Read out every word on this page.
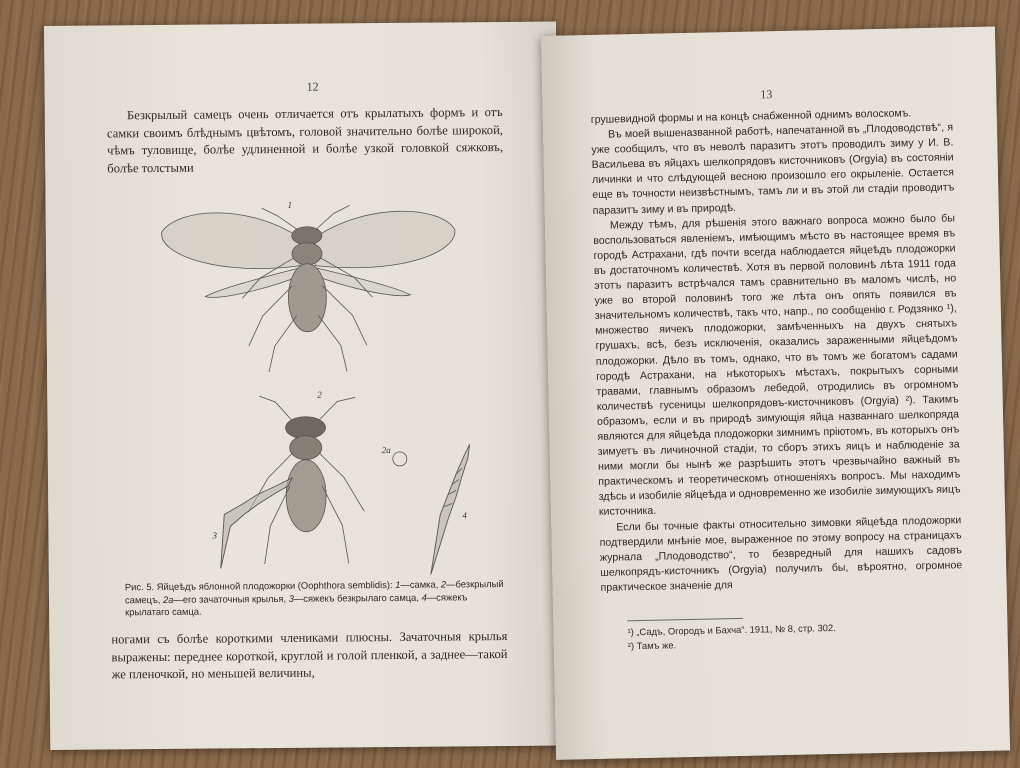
12

Безкрылый самецъ очень отличается отъ крылатыхъ формъ и отъ самки своимъ блѣднымъ цвѣтомъ, головой значительно болѣе широкой, чѣмъ туловище, болѣе удлиненной и болѣе узкой головкой сяжковъ, болѣе толстыми

1
2
2a
3
4
Рис. 5. Яйцеѣдъ яблонной плодожорки (Oophthora semblidis): 1—самка, 2—безкрылый самецъ, 2a—его зачаточныя крылья, 3—сяжекъ безкрылаго самца, 4—сяжекъ крылатаго самца.

ногами съ болѣе короткими члениками плюсны. Зачаточныя крылья выражены: переднее короткой, круглой и голой пленкой, а заднее—такой же пленочкой, но меньшей величины,

13

грушевидной формы и на концѣ снабженной однимъ волоскомъ.

Въ моей вышеназванной работѣ, напечатанной въ „Плодоводствѣ“, я уже сообщилъ, что въ неволѣ паразитъ этотъ проводилъ зиму у И. В. Васильева въ яйцахъ шелкопрядовъ кисточниковъ (Orgyia) въ состояніи личинки и что слѣдующей весною произошло его окрыленіе. Остается еще въ точности неизвѣстнымъ, тамъ ли и въ этой ли стадіи проводитъ паразитъ зиму и въ природѣ.

Между тѣмъ, для рѣшенія этого важнаго вопроса можно было бы воспользоваться явленіемъ, имѣющимъ мѣсто въ настоящее время въ городѣ Астрахани, гдѣ почти всегда наблюдается яйцеѣдъ плодожорки въ достаточномъ количествѣ. Хотя въ первой половинѣ лѣта 1911 года этотъ паразитъ встрѣчался тамъ сравнительно въ маломъ числѣ, но уже во второй половинѣ того же лѣта онъ опять появился въ значительномъ количествѣ, такъ что, напр., по сообщенію г. Родзянко ¹), множество яичекъ плодожорки, замѣченныхъ на двухъ снятыхъ грушахъ, всѣ, безъ исключенія, оказались зараженными яйцеѣдомъ плодожорки. Дѣло въ томъ, однако, что въ томъ же богатомъ садами городѣ Астрахани, на нѣкоторыхъ мѣстахъ, покрытыхъ сорными травами, главнымъ образомъ лебедой, отродились въ огромномъ количествѣ гусеницы шелкопрядовъ-кисточниковъ (Orgyia) ²). Такимъ образомъ, если и въ природѣ зимующія яйца названнаго шелкопряда являются для яйцеѣда плодожорки зимнимъ пріютомъ, въ которыхъ онъ зимуетъ въ личиночной стадіи, то сборъ этихъ яицъ и наблюденіе за ними могли бы нынѣ же разрѣшить этотъ чрезвычайно важный въ практическомъ и теоретическомъ отношеніяхъ вопросъ. Мы находимъ здѣсь и изобиліе яйцеѣда и одновременно же изобиліе зимующихъ яицъ кисточника.

Если бы точные факты относительно зимовки яйцеѣда плодожорки подтвердили мнѣніе мое, выраженное по этому вопросу на страницахъ журнала „Плодоводство“, то безвредный для нашихъ садовъ шелкопрядъ-кисточникъ (Orgyia) получилъ бы, вѣроятно, огромное практическое значеніе для

¹) „Садъ, Огородъ и Бахча“. 1911, № 8, стр. 302.
²) Тамъ же.
